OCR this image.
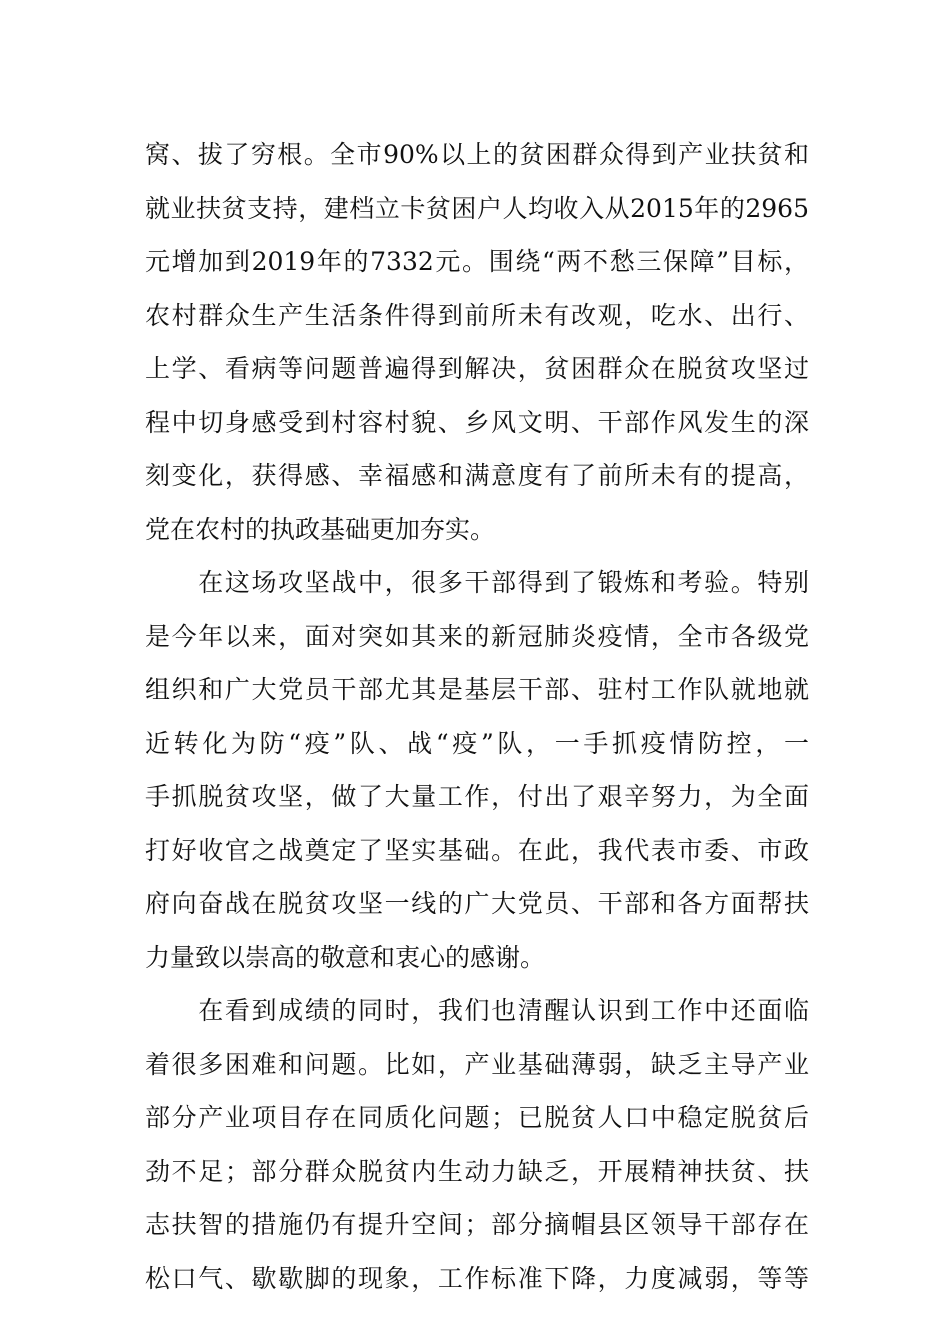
窝、拔了穷根。全市90%以上的贫困群众得到产业扶贫和
就业扶贫支持，建档立卡贫困户人均收入从2015年的2965
元增加到2019年的7332元。围绕“两不愁三保障”目标，
农村群众生产生活条件得到前所未有改观，吃水、出行、
上学、看病等问题普遍得到解决，贫困群众在脱贫攻坚过
程中切身感受到村容村貌、乡风文明、干部作风发生的深
刻变化，获得感、幸福感和满意度有了前所未有的提高，
党在农村的执政基础更加夯实。
　　在这场攻坚战中，很多干部得到了锻炼和考验。特别
是今年以来，面对突如其来的新冠肺炎疫情，全市各级党
组织和广大党员干部尤其是基层干部、驻村工作队就地就
近转化为防“疫”队、战“疫”队，一手抓疫情防控，一
手抓脱贫攻坚，做了大量工作，付出了艰辛努力，为全面
打好收官之战奠定了坚实基础。在此，我代表市委、市政
府向奋战在脱贫攻坚一线的广大党员、干部和各方面帮扶
力量致以崇高的敬意和衷心的感谢。
　　在看到成绩的同时，我们也清醒认识到工作中还面临
着很多困难和问题。比如，产业基础薄弱，缺乏主导产业
部分产业项目存在同质化问题；已脱贫人口中稳定脱贫后
劲不足；部分群众脱贫内生动力缺乏，开展精神扶贫、扶
志扶智的措施仍有提升空间；部分摘帽县区领导干部存在
松口气、歇歇脚的现象，工作标准下降，力度减弱，等等
